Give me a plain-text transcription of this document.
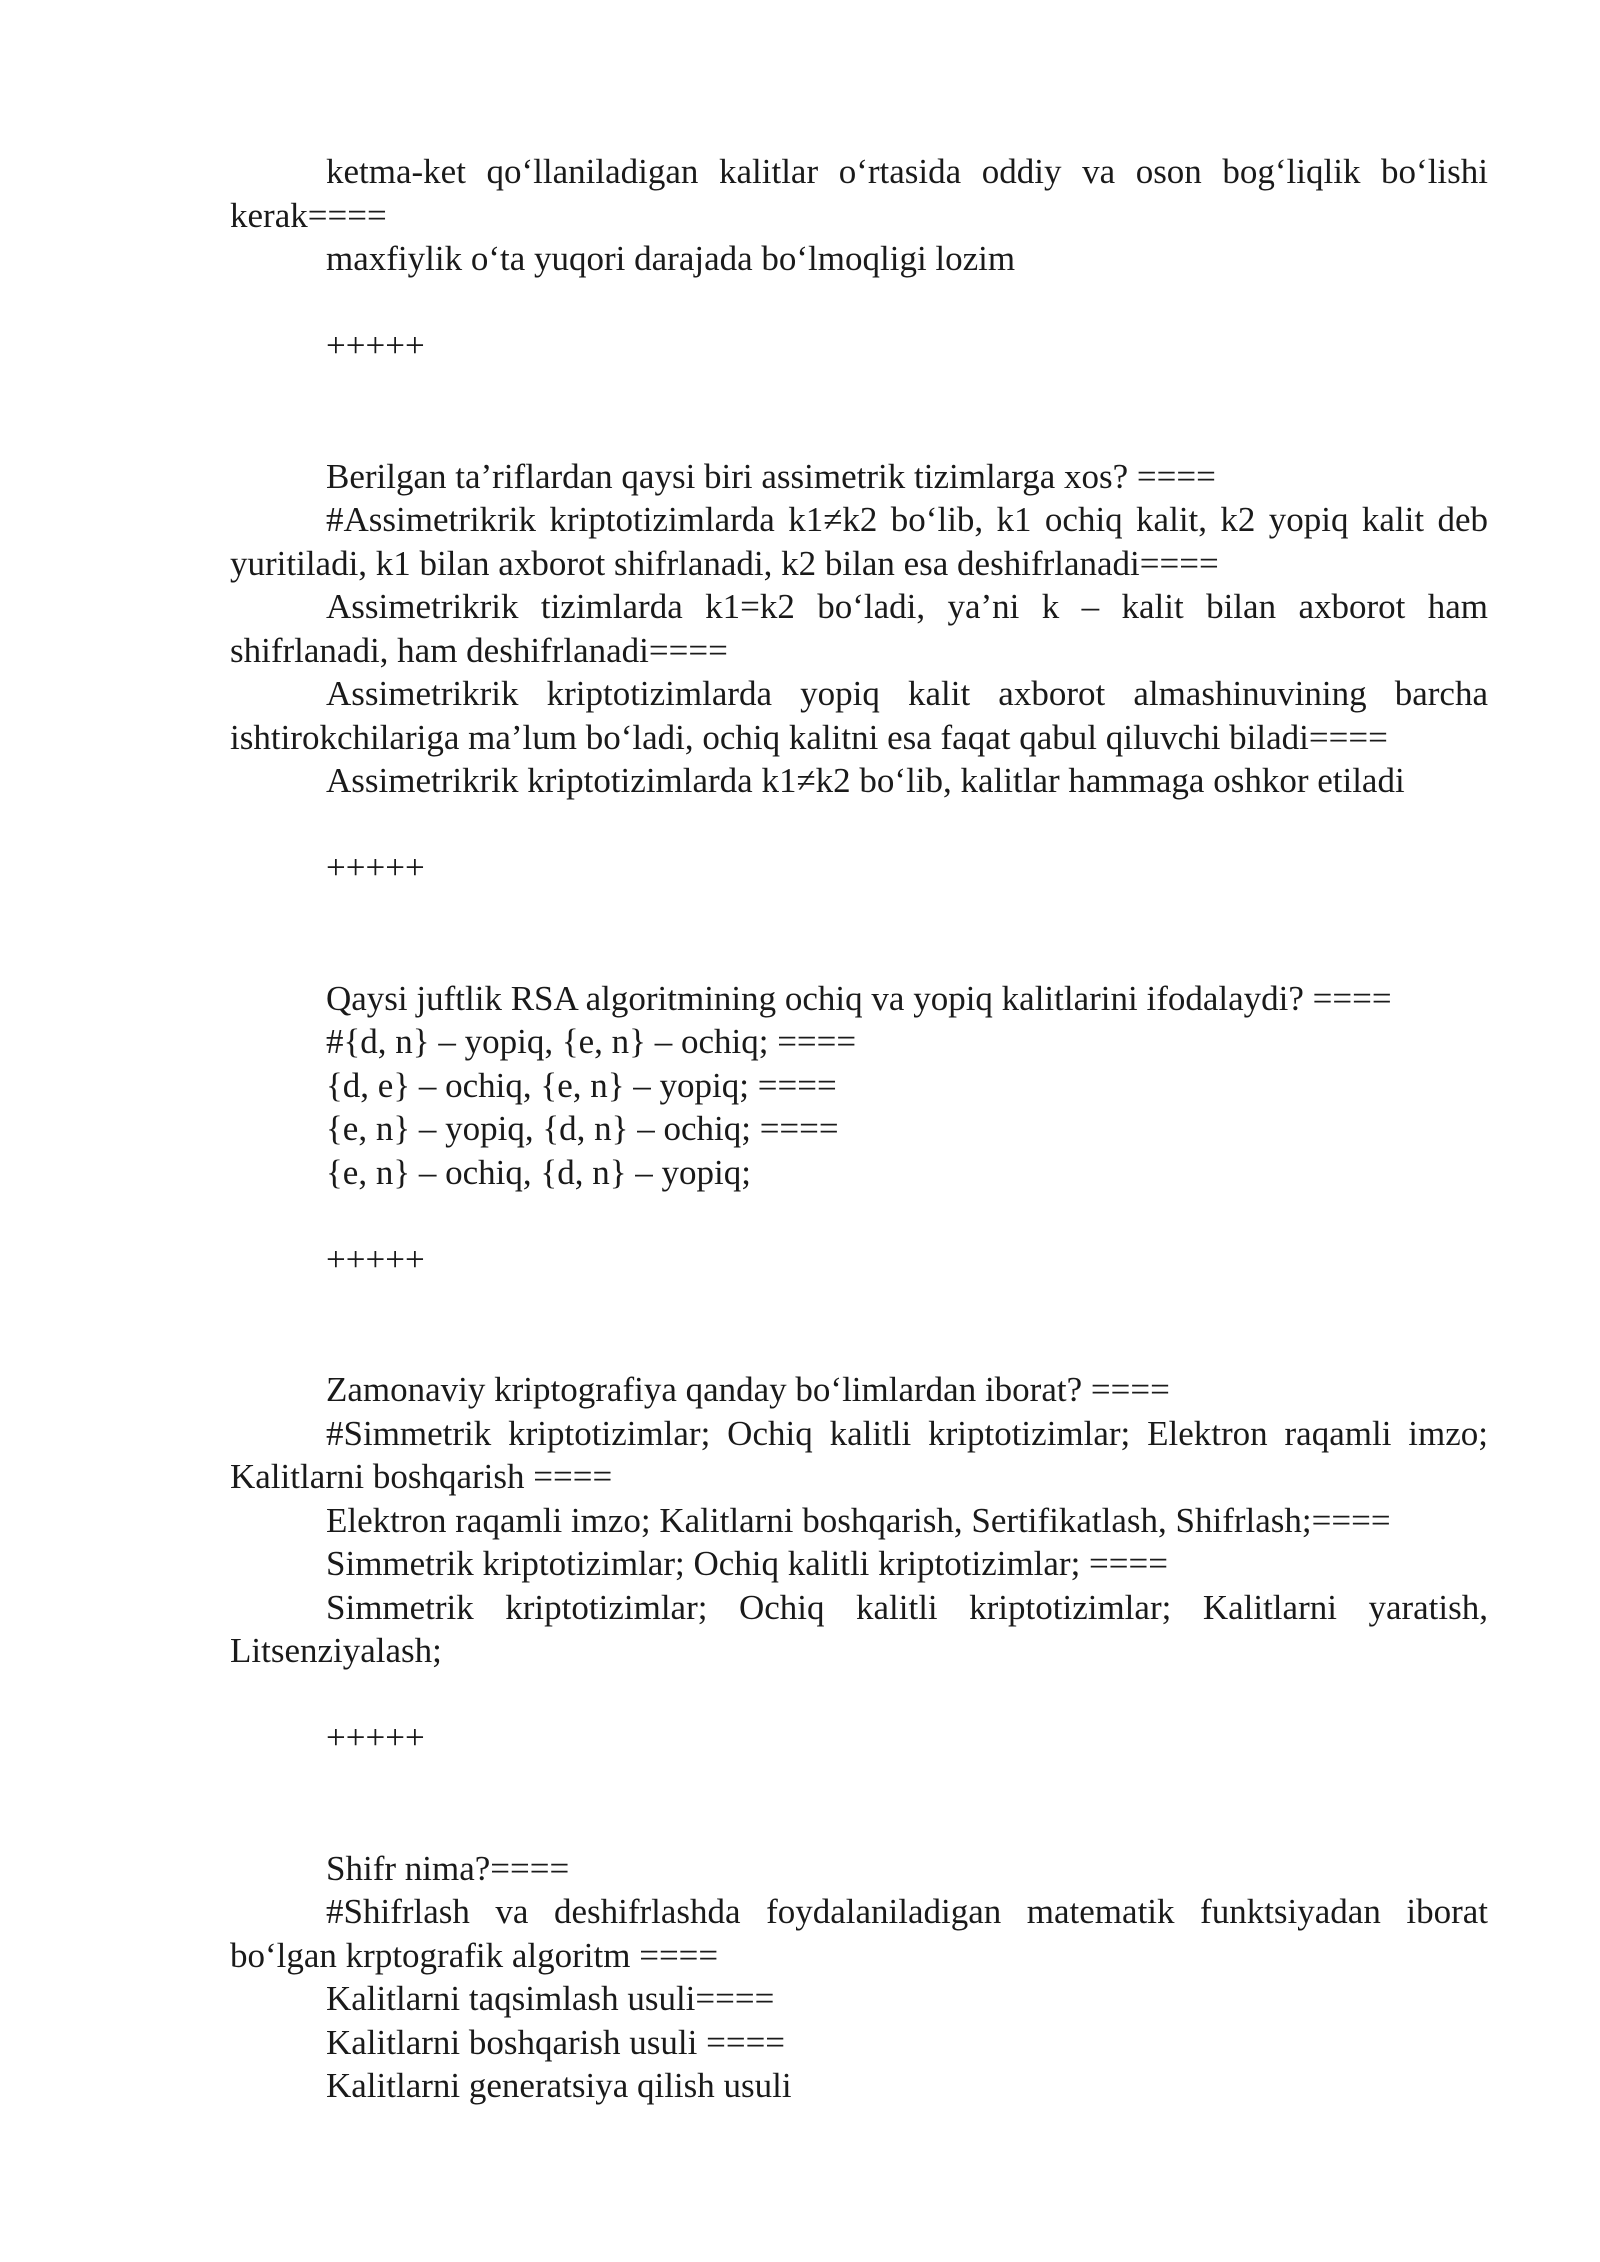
ketma-ket qo‘llaniladigan kalitlar o‘rtasida oddiy va oson bog‘liqlik bo‘lishi kerak====

maxfiylik o‘ta yuqori darajada bo‘lmoqligi lozim

+++++

Berilgan ta’riflardan qaysi biri assimetrik tizimlarga xos? ====

#Assimetrikrik kriptotizimlarda k1≠k2 bo‘lib, k1 ochiq kalit, k2 yopiq kalit deb yuritiladi, k1 bilan axborot shifrlanadi, k2 bilan esa deshifrlanadi====

Assimetrikrik tizimlarda k1=k2 bo‘ladi, ya’ni k – kalit bilan axborot ham shifrlanadi, ham deshifrlanadi====

Assimetrikrik kriptotizimlarda yopiq kalit axborot almashinuvining barcha ishtirokchilariga ma’lum bo‘ladi, ochiq kalitni esa faqat qabul qiluvchi biladi====

Assimetrikrik kriptotizimlarda k1≠k2 bo‘lib, kalitlar hammaga oshkor etiladi

+++++

Qaysi juftlik RSA algoritmining ochiq va yopiq kalitlarini ifodalaydi? ====

#{d, n} – yopiq, {e, n} – ochiq; ====

{d, e} – ochiq, {e, n} – yopiq; ====

{e, n} – yopiq, {d, n} – ochiq; ====

{e, n} – ochiq, {d, n} – yopiq;

+++++

Zamonaviy kriptografiya qanday bo‘limlardan iborat? ====

#Simmetrik kriptotizimlar; Ochiq kalitli kriptotizimlar; Elektron raqamli imzo; Kalitlarni boshqarish ====

Elektron raqamli imzo; Kalitlarni boshqarish, Sertifikatlash, Shifrlash;====

Simmetrik kriptotizimlar; Ochiq kalitli kriptotizimlar; ====

Simmetrik kriptotizimlar; Ochiq kalitli kriptotizimlar; Kalitlarni yaratish, Litsenziyalash;

+++++

Shifr nima?====

#Shifrlash va deshifrlashda foydalaniladigan matematik funktsiyadan iborat bo‘lgan krptografik algoritm ====

Kalitlarni taqsimlash usuli====

Kalitlarni boshqarish usuli ====

Kalitlarni generatsiya qilish usuli
